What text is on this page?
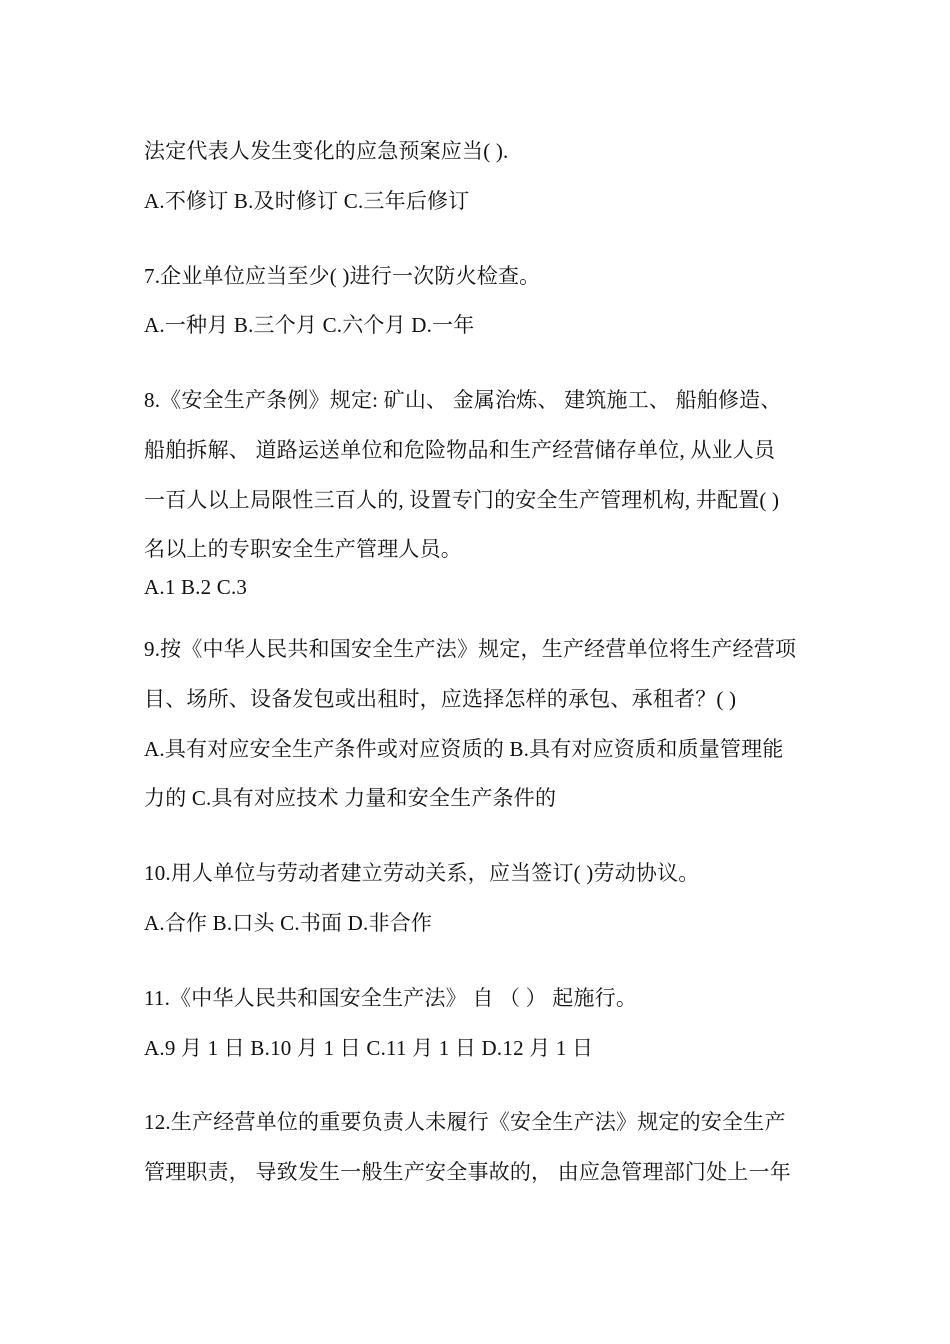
法定代表人发生变化的应急预案应当( ).
A.不修订 B.及时修订 C.三年后修订
7.企业单位应当至少( )进行一次防火检查。
A.一种月 B.三个月 C.六个月 D.一年
8.《安全生产条例》规定: 矿山、 金属治炼、 建筑施工、 船舶修造、
船舶拆解、 道路运送单位和危险物品和生产经营储存单位, 从业人员
一百人以上局限性三百人的, 设置专门的安全生产管理机构, 井配置( )
名以上的专职安全生产管理人员。
A.1 B.2 C.3
9.按《中华人民共和国安全生产法》规定，生产经营单位将生产经营项
目、场所、设备发包或出租时，应选择怎样的承包、承租者？( )
A.具有对应安全生产条件或对应资质的 B.具有对应资质和质量管理能
力的 C.具有对应技术 力量和安全生产条件的
10.用人单位与劳动者建立劳动关系，应当签订( )劳动协议。
A.合作 B.口头 C.书面 D.非合作
11.《中华人民共和国安全生产法》 自 （ ） 起施行。
A.9 月 1 日 B.10 月 1 日 C.11 月 1 日 D.12 月 1 日
12.生产经营单位的重要负责人未履行《安全生产法》规定的安全生产
管理职责， 导致发生一般生产安全事故的， 由应急管理部门处上一年
